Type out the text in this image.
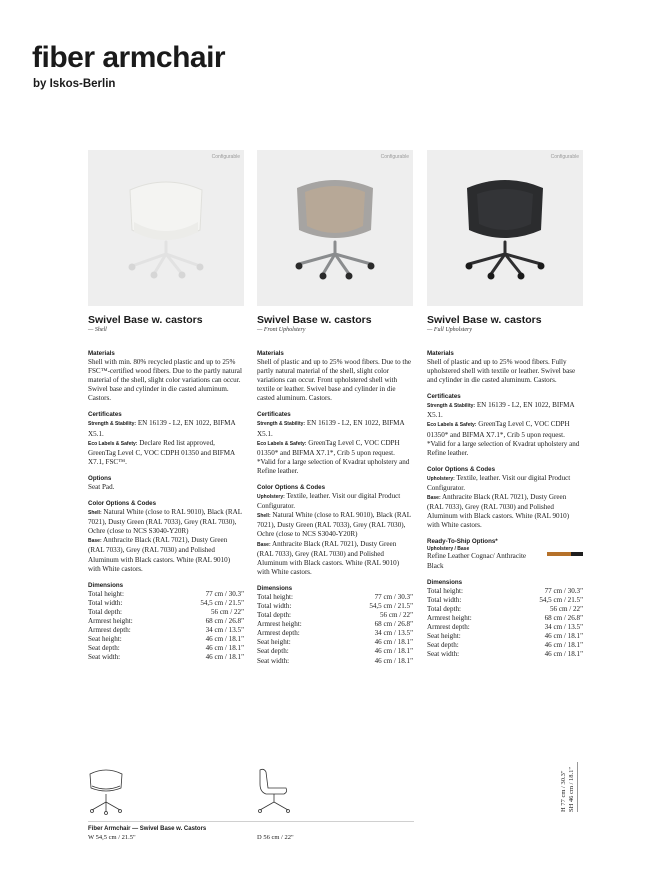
fiber armchair
by Iskos-Berlin
Configurable
Swivel Base w. castors
— Shell
Materials
Shell with min. 80% recycled plastic and up to 25% FSC™-certified wood fibers. Due to the partly natural material of the shell, slight color variations can occur. Swivel base and cylinder in die casted aluminum. Castors.
Certificates
Strength & Stability: EN 16139 - L2, EN 1022, BIFMA X5.1.
Eco Labels & Safety: Declare Red list approved, GreenTag Level C, VOC CDPH 01350 and BIFMA X7.1, FSC™.
Options
Seat Pad.
Color Options & Codes
Shell: Natural White (close to RAL 9010), Black (RAL 7021), Dusty Green (RAL 7033), Grey (RAL 7030), Ochre (close to NCS S3040-Y20R)
Base: Anthracite Black (RAL 7021), Dusty Green (RAL 7033), Grey (RAL 7030) and Polished Aluminum with Black castors. White (RAL 9010) with White castors.
Dimensions
Total height:	77 cm / 30.3"
Total width:	54,5 cm / 21.5"
Total depth:	56 cm / 22"
Armrest height:	68 cm / 26.8"
Armrest depth:	34 cm / 13.5"
Seat height:	46 cm / 18.1"
Seat depth:	46 cm / 18.1"
Seat width:	46 cm / 18.1"
Configurable
Swivel Base w. castors
— Front Upholstery
Materials
Shell of plastic and up to 25% wood fibers. Due to the partly natural material of the shell, slight color variations can occur. Front upholstered shell with textile or leather. Swivel base and cylinder in die casted aluminum. Castors.
Certificates
Strength & Stability: EN 16139 - L2, EN 1022, BIFMA X5.1.
Eco Labels & Safety: GreenTag Level C, VOC CDPH 01350* and BIFMA X7.1*, Crib 5 upon request. *Valid for a large selection of Kvadrat upholstery and Refine leather.
Color Options & Codes
Upholstery: Textile, leather. Visit our digital Product Configurator.
Shell: Natural White (close to RAL 9010), Black (RAL 7021), Dusty Green (RAL 7033), Grey (RAL 7030), Ochre (close to NCS S3040-Y20R)
Base: Anthracite Black (RAL 7021), Dusty Green (RAL 7033), Grey (RAL 7030) and Polished Aluminum with Black castors. White (RAL 9010) with White castors.
Dimensions
Total height:	77 cm / 30.3"
Total width:	54,5 cm / 21.5"
Total depth:	56 cm / 22"
Armrest height:	68 cm / 26.8"
Armrest depth:	34 cm / 13.5"
Seat height:	46 cm / 18.1"
Seat depth:	46 cm / 18.1"
Seat width:	46 cm / 18.1"
Configurable
Swivel Base w. castors
— Full Upholstery
Materials
Shell of plastic and up to 25% wood fibers. Fully upholstered shell with textile or leather. Swivel base and cylinder in die casted aluminum. Castors.
Certificates
Strength & Stability: EN 16139 - L2, EN 1022, BIFMA X5.1.
Eco Labels & Safety: GreenTag Level C, VOC CDPH 01350* and BIFMA X7.1*, Crib 5 upon request. *Valid for a large selection of Kvadrat upholstery and Refine leather.
Color Options & Codes
Upholstery: Textile, leather. Visit our digital Product Configurator.
Base: Anthracite Black (RAL 7021), Dusty Green (RAL 7033), Grey (RAL 7030) and Polished Aluminum with Black castors. White (RAL 9010) with White castors.
Ready-To-Ship Options*
Upholstery / Base
Refine Leather Cognac/ Anthracite Black
Dimensions
Total height:	77 cm / 30.3"
Total width:	54,5 cm / 21.5"
Total depth:	56 cm / 22"
Armrest height:	68 cm / 26.8"
Armrest depth:	34 cm / 13.5"
Seat height:	46 cm / 18.1"
Seat depth:	46 cm / 18.1"
Seat width:	46 cm / 18.1"
Fiber Armchair — Swivel Base w. Castors
W 54,5 cm / 21.5"	D 56 cm / 22"
H 77 cm / 30.3" SH 46 cm / 18.1"
